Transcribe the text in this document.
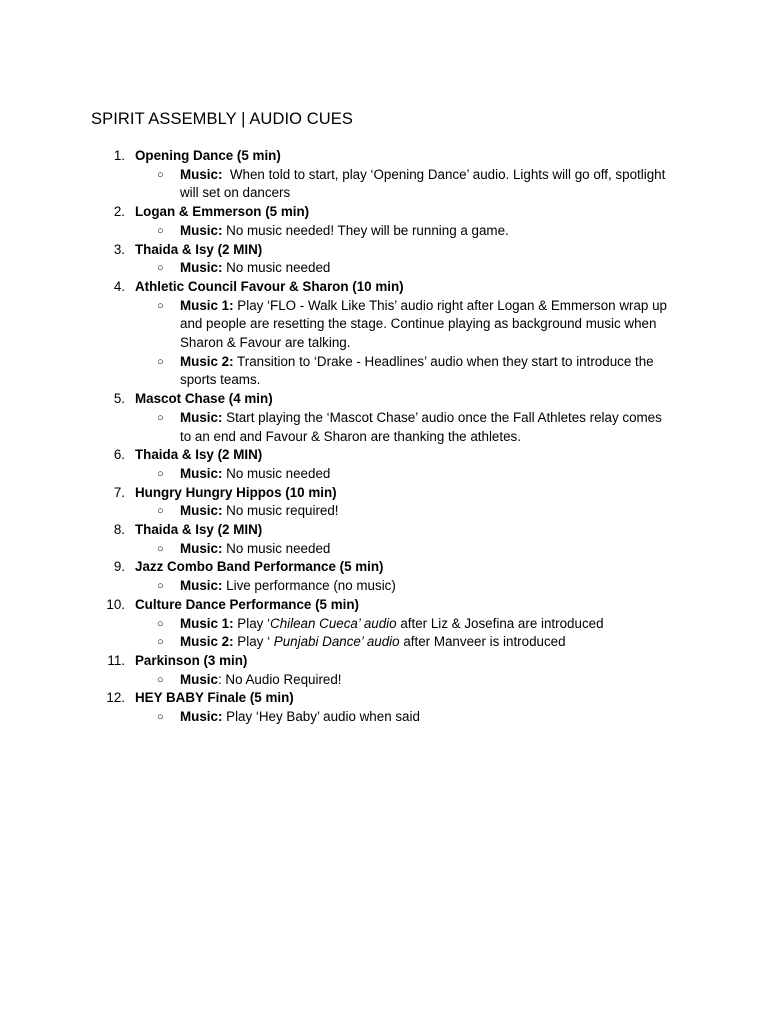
SPIRIT ASSEMBLY | AUDIO CUES
1. Opening Dance (5 min)
○
Music:  When told to start, play ‘Opening Dance’ audio. Lights will go off, spotlight will set on dancers
2. Logan & Emmerson (5 min)
○
Music: No music needed! They will be running a game.
3. Thaida & Isy (2 MIN)
○
Music: No music needed
4. Athletic Council Favour & Sharon (10 min)
○
Music 1: Play ‘FLO - Walk Like This’ audio right after Logan & Emmerson wrap up and people are resetting the stage. Continue playing as background music when Sharon & Favour are talking.
○
Music 2: Transition to ‘Drake - Headlines’ audio when they start to introduce the sports teams.
5. Mascot Chase (4 min)
○
Music: Start playing the ‘Mascot Chase’ audio once the Fall Athletes relay comes to an end and Favour & Sharon are thanking the athletes.
6. Thaida & Isy (2 MIN)
○
Music: No music needed
7. Hungry Hungry Hippos (10 min)
○
Music: No music required!
8. Thaida & Isy (2 MIN)
○
Music: No music needed
9. Jazz Combo Band Performance (5 min)
○
Music: Live performance (no music)
10. Culture Dance Performance (5 min)
○
Music 1: Play ‘Chilean Cueca’ audio after Liz & Josefina are introduced
○
Music 2: Play ‘ Punjabi Dance’ audio after Manveer is introduced
11. Parkinson (3 min)
○
Music: No Audio Required!
12. HEY BABY Finale (5 min)
○
Music: Play ‘Hey Baby’ audio when said
